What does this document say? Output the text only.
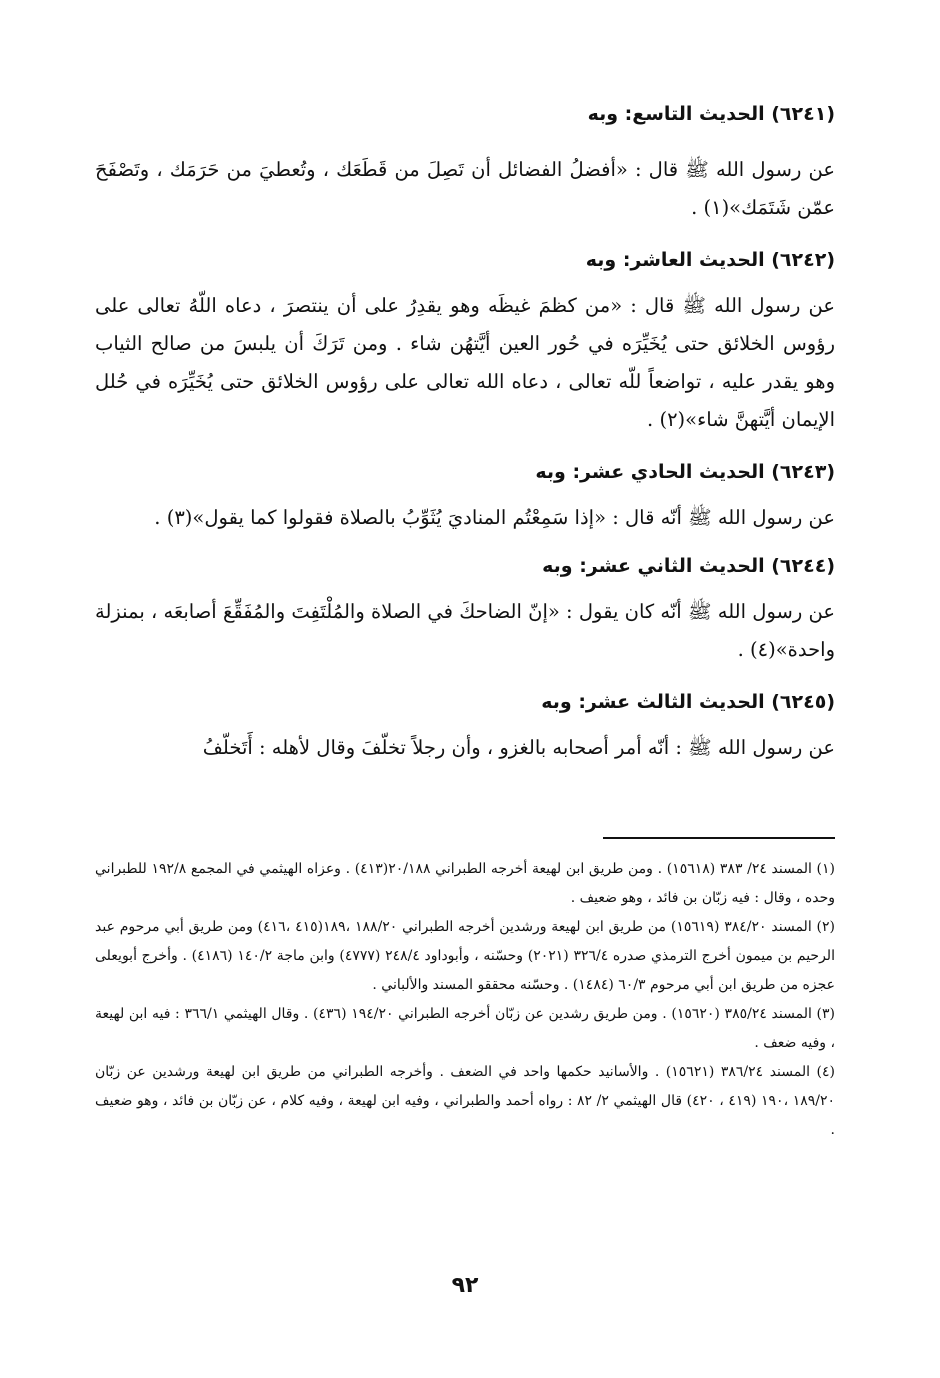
(٦٢٤١) الحديث التاسع: وبه

عن رسول الله ﷺ قال : «أفضلُ الفضائل أن تَصِلَ من قَطَعَك ، وتُعطيَ من حَرَمَك ، وتَصْفَحَ عمّن شَتَمَك»(١) .

(٦٢٤٢) الحديث العاشر: وبه

عن رسول الله ﷺ قال : «من كظمَ غيظَه وهو يقدِرُ على أن ينتصرَ ، دعاه اللّهُ تعالى على رؤوس الخلائق حتى يُخَيِّرَه في حُور العين أيَّتهُن شاء . ومن تَرَكَ أن يلبسَ من صالح الثياب وهو يقدر عليه ، تواضعاً للّه تعالى ، دعاه الله تعالى على رؤوس الخلائق حتى يُخَيِّرَه في حُلل الإيمان أيَّتهنَّ شاء»(٢) .

(٦٢٤٣) الحديث الحادي عشر: وبه

عن رسول الله ﷺ أنّه قال : «إذا سَمِعْتُم المناديَ يُثَوِّبُ بالصلاة فقولوا كما يقول»(٣) .

(٦٢٤٤) الحديث الثاني عشر: وبه

عن رسول الله ﷺ أنّه كان يقول : «إنّ الضاحكَ في الصلاة والمُلْتَفِتَ والمُفَقِّعَ أصابعَه ، بمنزلة واحدة»(٤) .

(٦٢٤٥) الحديث الثالث عشر: وبه

عن رسول الله ﷺ : أنّه أمر أصحابه بالغزو ، وأن رجلاً تخلّفَ وقال لأهله : أَتَخلّفُ

(١) المسند ٢٤/ ٣٨٣ (١٥٦١٨) . ومن طريق ابن لهيعة أخرجه الطبراني ٢٠/١٨٨(٤١٣) . وعزاه الهيثمي في المجمع ١٩٢/٨ للطبراني وحده ، وقال : فيه زبّان بن فائد ، وهو ضعيف .

(٢) المسند ٣٨٤/٢٠ (١٥٦١٩) من طريق ابن لهيعة ورشدين أخرجه الطبراني ١٨٨/٢٠ ،١٨٩(٤١٥ ،٤١٦) ومن طريق أبي مرحوم عبد الرحيم بن ميمون أخرج الترمذي صدره ٣٢٦/٤ (٢٠٢١) وحسّنه ، وأبوداود ٢٤٨/٤ (٤٧٧٧) وابن ماجة ١٤٠/٢ (٤١٨٦) . وأخرج أبويعلى عجزه من طريق ابن أبي مرحوم ٦٠/٣ (١٤٨٤) . وحسّنه محققو المسند والألباني .

(٣) المسند ٣٨٥/٢٤ (١٥٦٢٠) . ومن طريق رشدين عن زبّان أخرجه الطبراني ١٩٤/٢٠ (٤٣٦) . وقال الهيثمي ٣٦٦/١ : فيه ابن لهيعة ، وفيه ضعف .

(٤) المسند ٣٨٦/٢٤ (١٥٦٢١) . والأسانيد حكمها واحد في الضعف . وأخرجه الطبراني من طريق ابن لهيعة ورشدين عن زبّان ١٨٩/٢٠ ،١٩٠ (٤١٩ ، ٤٢٠) قال الهيثمي ٢/ ٨٢ : رواه أحمد والطبراني ، وفيه ابن لهيعة ، وفيه كلام ، عن زبّان بن فائد ، وهو ضعيف .

٩٢
